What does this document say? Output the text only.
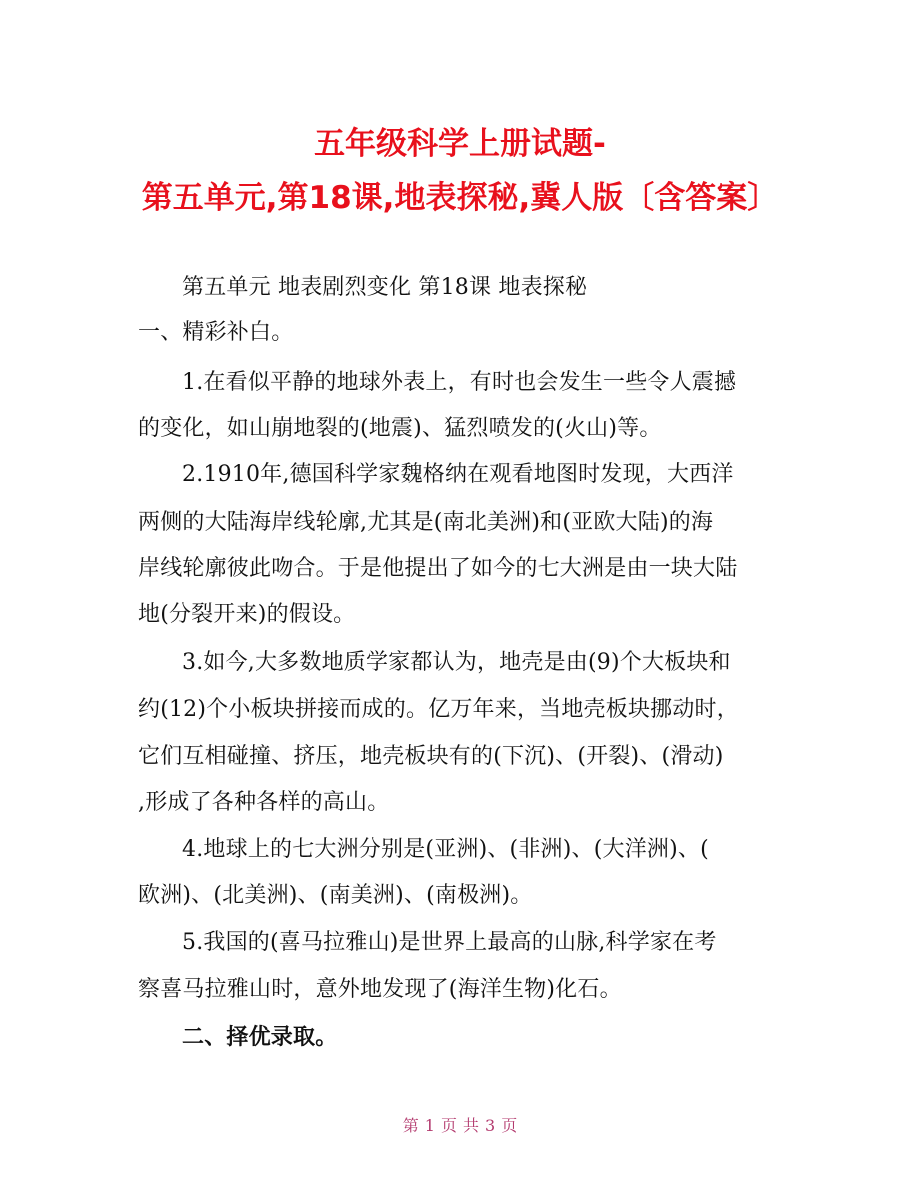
五年级科学上册试题-
第五单元,第18课,地表探秘,冀人版〔含答案〕
第五单元 地表剧烈变化 第18课 地表探秘
一、精彩补白。
1.在看似平静的地球外表上，有时也会发生一些令人震撼
的变化，如山崩地裂的(地震)、猛烈喷发的(火山)等。
2.1910年,德国科学家魏格纳在观看地图时发现，大西洋
两侧的大陆海岸线轮廓,尤其是(南北美洲)和(亚欧大陆)的海
岸线轮廓彼此吻合。于是他提出了如今的七大洲是由一块大陆
地(分裂开来)的假设。
3.如今,大多数地质学家都认为，地壳是由(9)个大板块和
约(12)个小板块拼接而成的。亿万年来，当地壳板块挪动时，
它们互相碰撞、挤压，地壳板块有的(下沉)、(开裂)、(滑动)
,形成了各种各样的高山。
4.地球上的七大洲分别是(亚洲)、(非洲)、(大洋洲)、(
欧洲)、(北美洲)、(南美洲)、(南极洲)。
5.我国的(喜马拉雅山)是世界上最高的山脉,科学家在考
察喜马拉雅山时，意外地发现了(海洋生物)化石。
二、择优录取。
第 1 页 共 3 页
